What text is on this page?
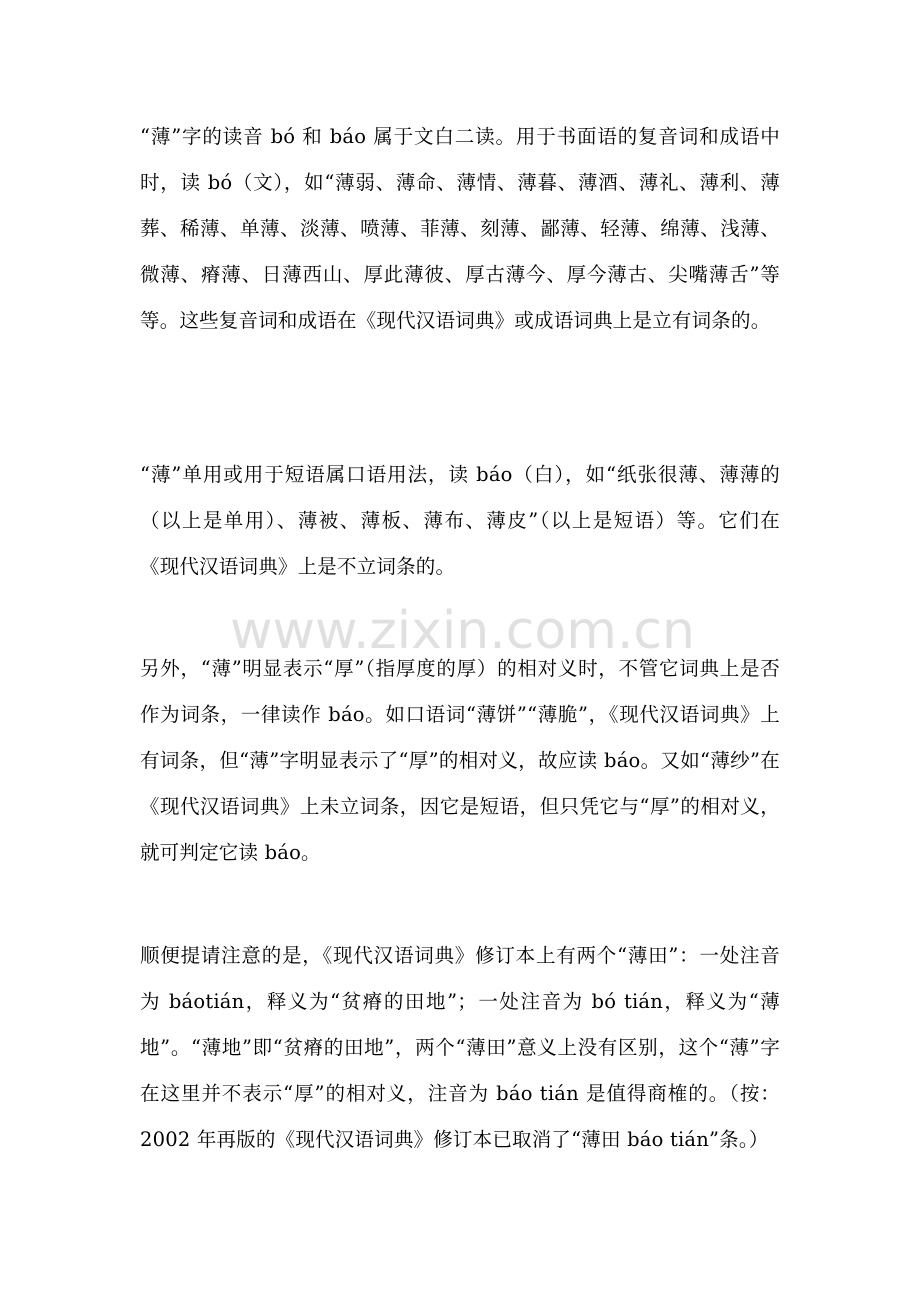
“薄”字的读音 bó 和 báo 属于文白二读。用于书面语的复音词和成语中时，读 bó（文），如“薄弱、薄命、薄情、薄暮、薄酒、薄礼、薄利、薄葬、稀薄、单薄、淡薄、喷薄、菲薄、刻薄、鄙薄、轻薄、绵薄、浅薄、微薄、瘠薄、日薄西山、厚此薄彼、厚古薄今、厚今薄古、尖嘴薄舌”等等。这些复音词和成语在《现代汉语词典》或成语词典上是立有词条的。

“薄”单用或用于短语属口语用法，读 báo（白），如“纸张很薄、薄薄的（以上是单用）、薄被、薄板、薄布、薄皮”（以上是短语）等。它们在《现代汉语词典》上是不立词条的。

www.zixin.com.cn

另外，“薄”明显表示“厚”（指厚度的厚）的相对义时，不管它词典上是否作为词条，一律读作 báo。如口语词“薄饼”“薄脆”，《现代汉语词典》上有词条，但“薄”字明显表示了“厚”的相对义，故应读 báo。又如“薄纱”在《现代汉语词典》上未立词条，因它是短语，但只凭它与“厚”的相对义，就可判定它读 báo。

顺便提请注意的是，《现代汉语词典》修订本上有两个“薄田”：一处注音为 báotián，释义为“贫瘠的田地”；一处注音为 bó tián，释义为“薄地”。“薄地”即“贫瘠的田地”，两个“薄田”意义上没有区别，这个“薄”字在这里并不表示“厚”的相对义，注音为 báo tián 是值得商榷的。（按：2002 年再版的《现代汉语词典》修订本已取消了“薄田 báo tián”条。）
